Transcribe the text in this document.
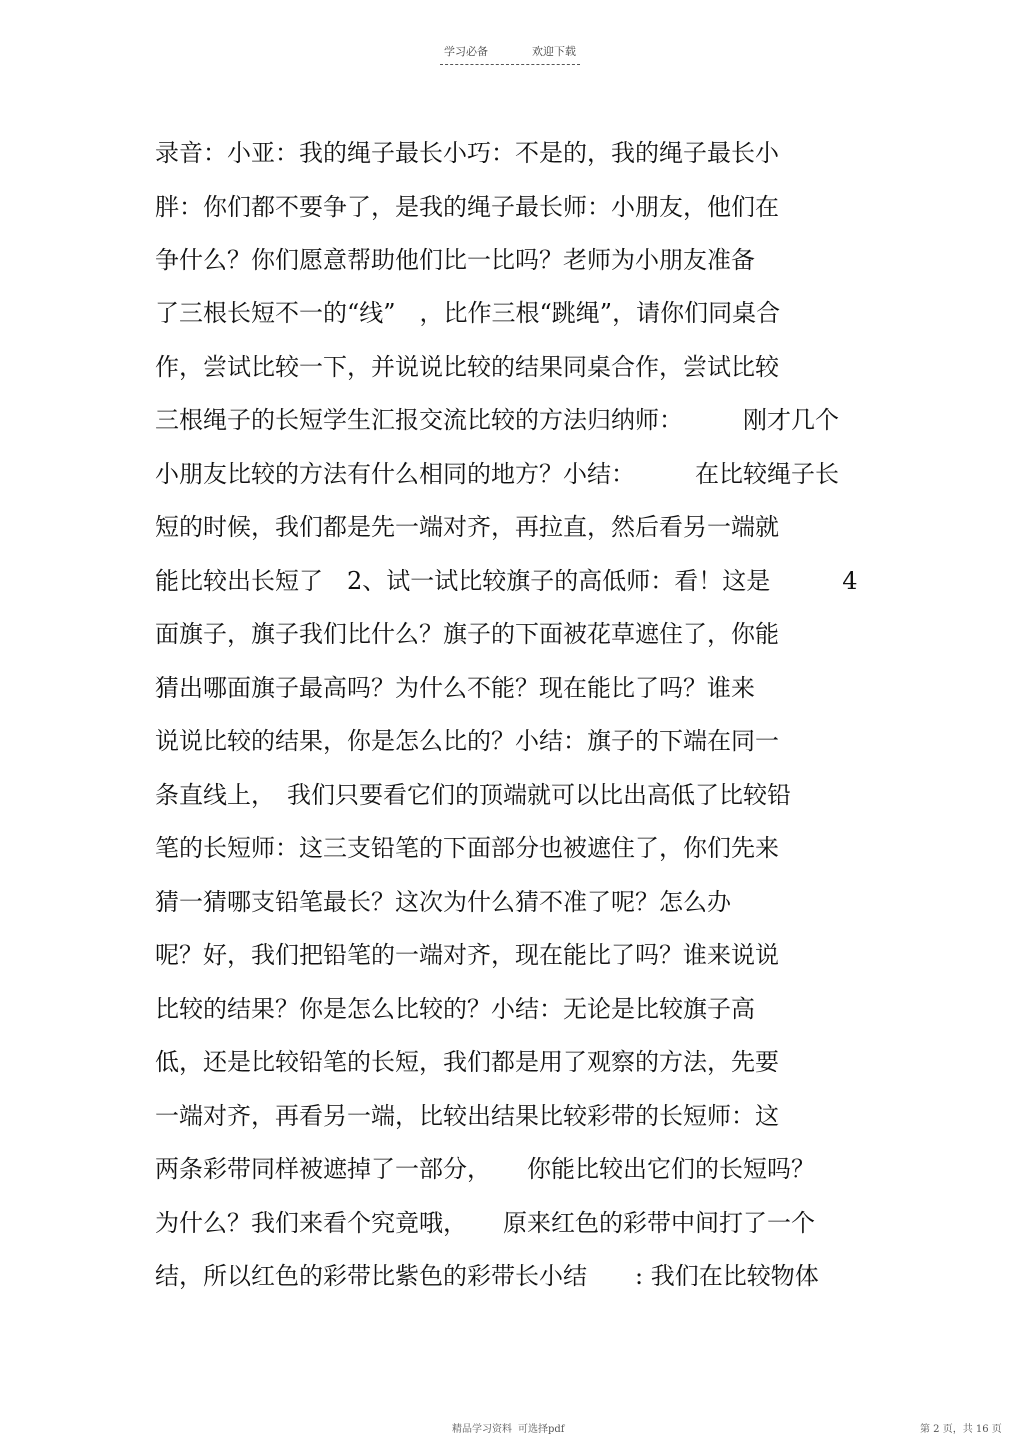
学习必备	欢迎下载
录音：小亚：我的绳子最长小巧：不是的，我的绳子最长小
胖：你们都不要争了，是我的绳子最长师：小朋友，他们在
争什么？你们愿意帮助他们比一比吗？老师为小朋友准备
了三根长短不一的“线”　，比作三根“跳绳”，请你们同桌合
作，尝试比较一下，并说说比较的结果同桌合作，尝试比较
三根绳子的长短学生汇报交流比较的方法归纳师：　　　刚才几个
小朋友比较的方法有什么相同的地方？小结：　　　在比较绳子长
短的时候，我们都是先一端对齐，再拉直，然后看另一端就
能比较出长短了　2、试一试比较旗子的高低师：看！这是　　　4
面旗子，旗子我们比什么？旗子的下面被花草遮住了，你能
猜出哪面旗子最高吗？为什么不能？现在能比了吗？谁来
说说比较的结果，你是怎么比的？小结：旗子的下端在同一
条直线上，　我们只要看它们的顶端就可以比出高低了比较铅
笔的长短师：这三支铅笔的下面部分也被遮住了，你们先来
猜一猜哪支铅笔最长？这次为什么猜不准了呢？怎么办
呢？好，我们把铅笔的一端对齐，现在能比了吗？谁来说说
比较的结果？你是怎么比较的？小结：无论是比较旗子高
低，还是比较铅笔的长短，我们都是用了观察的方法，先要
一端对齐，再看另一端，比较出结果比较彩带的长短师：这
两条彩带同样被遮掉了一部分，　　你能比较出它们的长短吗？
为什么？我们来看个究竟哦，　　原来红色的彩带中间打了一个
结，所以红色的彩带比紫色的彩带长小结　　: 我们在比较物体
精品学习资料 可选择pdf	第 2 页，共 16 页
